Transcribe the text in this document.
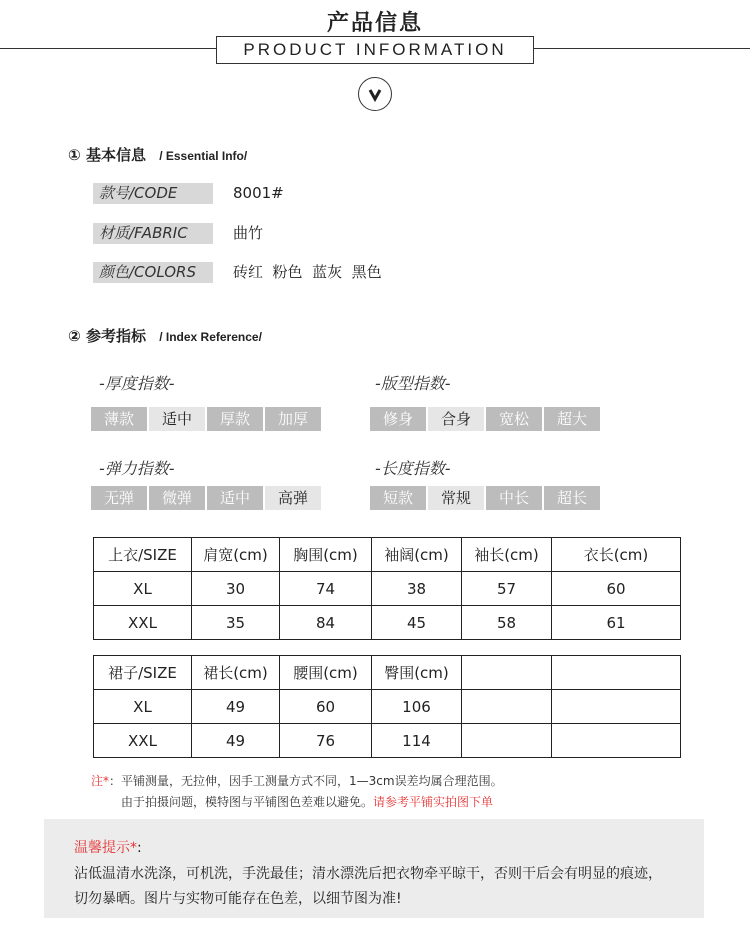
产品信息
PRODUCT INFORMATION
① 基本信息 / Essential Info/
款号/CODE	8001#
材质/FABRIC	曲竹
颜色/COLORS	砖红  粉色  蓝灰  黑色
② 参考指标 / Index Reference/
-厚度指数-
薄款	适中	厚款	加厚
-版型指数-
修身	合身	宽松	超大
-弹力指数-
无弹	微弹	适中	高弹
-长度指数-
短款	常规	中长	超长
上衣/SIZE	肩宽(cm)	胸围(cm)	袖阔(cm)	袖长(cm)	衣长(cm)
XL	30	74	38	57	60
XXL	35	84	45	58	61
裙子/SIZE	裙长(cm)	腰围(cm)	臀围(cm)		
XL	49	60	106		
XXL	49	76	114		
注*：平铺测量，无拉伸，因手工测量方式不同，1—3cm误差均属合理范围。
由于拍摄问题，模特图与平铺图色差难以避免。请参考平铺实拍图下单
温馨提示*:
沾低温清水洗涤，可机洗，手洗最佳；清水漂洗后把衣物牵平晾干，否则干后会有明显的痕迹，
切勿暴晒。图片与实物可能存在色差，以细节图为准!
